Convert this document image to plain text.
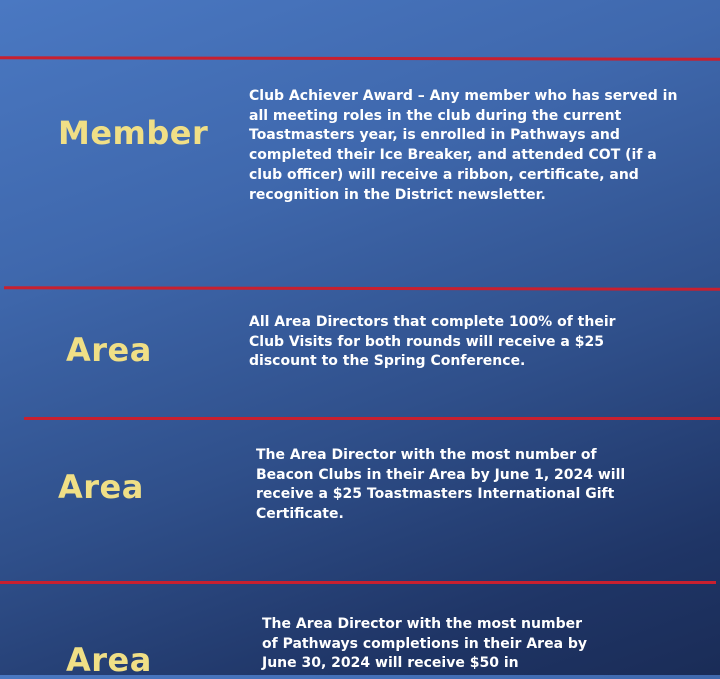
Member
Club Achiever Award – Any member who has served in
all meeting roles in the club during the current
Toastmasters year, is enrolled in Pathways and
completed their Ice Breaker, and attended COT (if a
club officer) will receive a ribbon, certificate, and
recognition in the District newsletter.
Area
All Area Directors that complete 100% of their
Club Visits for both rounds will receive a $25
discount to the Spring Conference.
Area
The Area Director with the most number of
Beacon Clubs in their Area by June 1, 2024 will
receive a $25 Toastmasters International Gift
Certificate.
Area
The Area Director with the most number
of Pathways completions in their Area by
June 30, 2024 will receive $50 in
